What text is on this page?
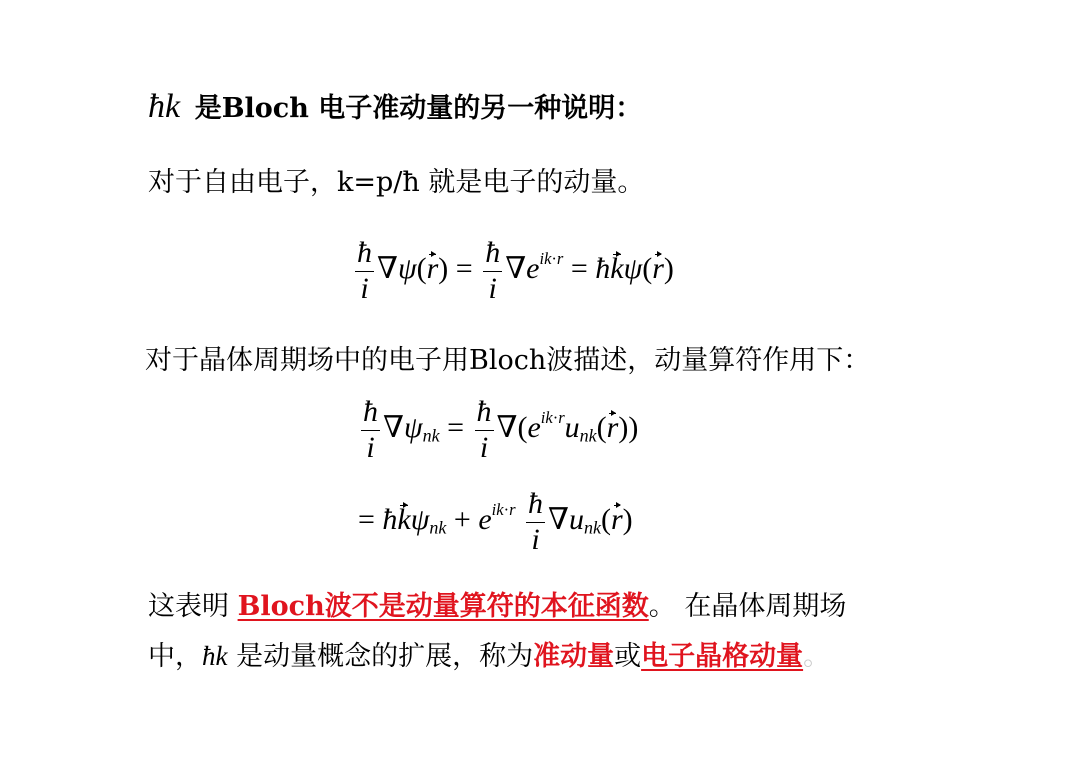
ħk 是Bloch 电子准动量的另一种说明：
对于自由电子，k=p/ħ 就是电子的动量。
$\frac{ħ}{i} \nabla\psi(r) = \frac{ħ}{i} \nabla e^{ik\cdot r}$ = ħkψ(r)
对于晶体周期场中的电子用Bloch波描述，动量算符作用下：
$\frac{ħ}{i} \nabla\psi_{nk} = \frac{ħ}{i} \nabla(e^{ik\cdot r}u_{nk}(r))$
= ħkψ$_{nk}$ + $e^{ik\cdot r} \frac{ħ}{i} \nabla u_{nk}(r)$
这表明 Bloch波不是动量算符的本征函数。 在晶体周期场
中，ħk 是动量概念的扩展，称为准动量或电子晶格动量。
